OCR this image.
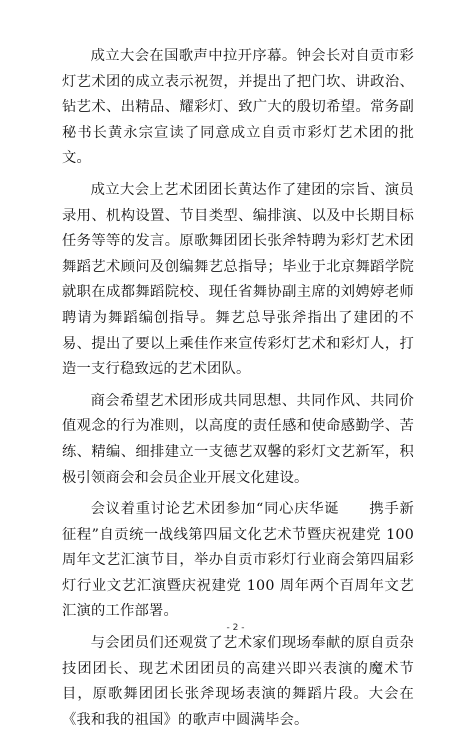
成立大会在国歌声中拉开序幕。钟会长对自贡市彩灯艺术团的成立表示祝贺，并提出了把门坎、讲政治、钻艺术、出精品、耀彩灯、致广大的殷切希望。常务副秘书长黄永宗宣读了同意成立自贡市彩灯艺术团的批文。

成立大会上艺术团团长黄达作了建团的宗旨、演员录用、机构设置、节目类型、编排演、以及中长期目标任务等等的发言。原歌舞团团长张斧特聘为彩灯艺术团舞蹈艺术顾问及创编舞艺总指导；毕业于北京舞蹈学院就职在成都舞蹈院校、现任省舞协副主席的刘娉婷老师聘请为舞蹈编创指导。舞艺总导张斧指出了建团的不易、提出了要以上乘佳作来宣传彩灯艺术和彩灯人，打造一支行稳致远的艺术团队。

商会希望艺术团形成共同思想、共同作风、共同价值观念的行为准则，以高度的责任感和使命感勤学、苦练、精编、细排建立一支德艺双馨的彩灯文艺新军，积极引领商会和会员企业开展文化建设。

会议着重讨论艺术团参加“同心庆华诞　　携手新征程”自贡统一战线第四届文化艺术节暨庆祝建党 100 周年文艺汇演节目，举办自贡市彩灯行业商会第四届彩灯行业文艺汇演暨庆祝建党 100 周年两个百周年文艺汇演的工作部署。

与会团员们还观赏了艺术家们现场奉献的原自贡杂技团团长、现艺术团团员的高建兴即兴表演的魔术节目，原歌舞团团长张斧现场表演的舞蹈片段。大会在《我和我的祖国》的歌声中圆满毕会。

- 2 -
